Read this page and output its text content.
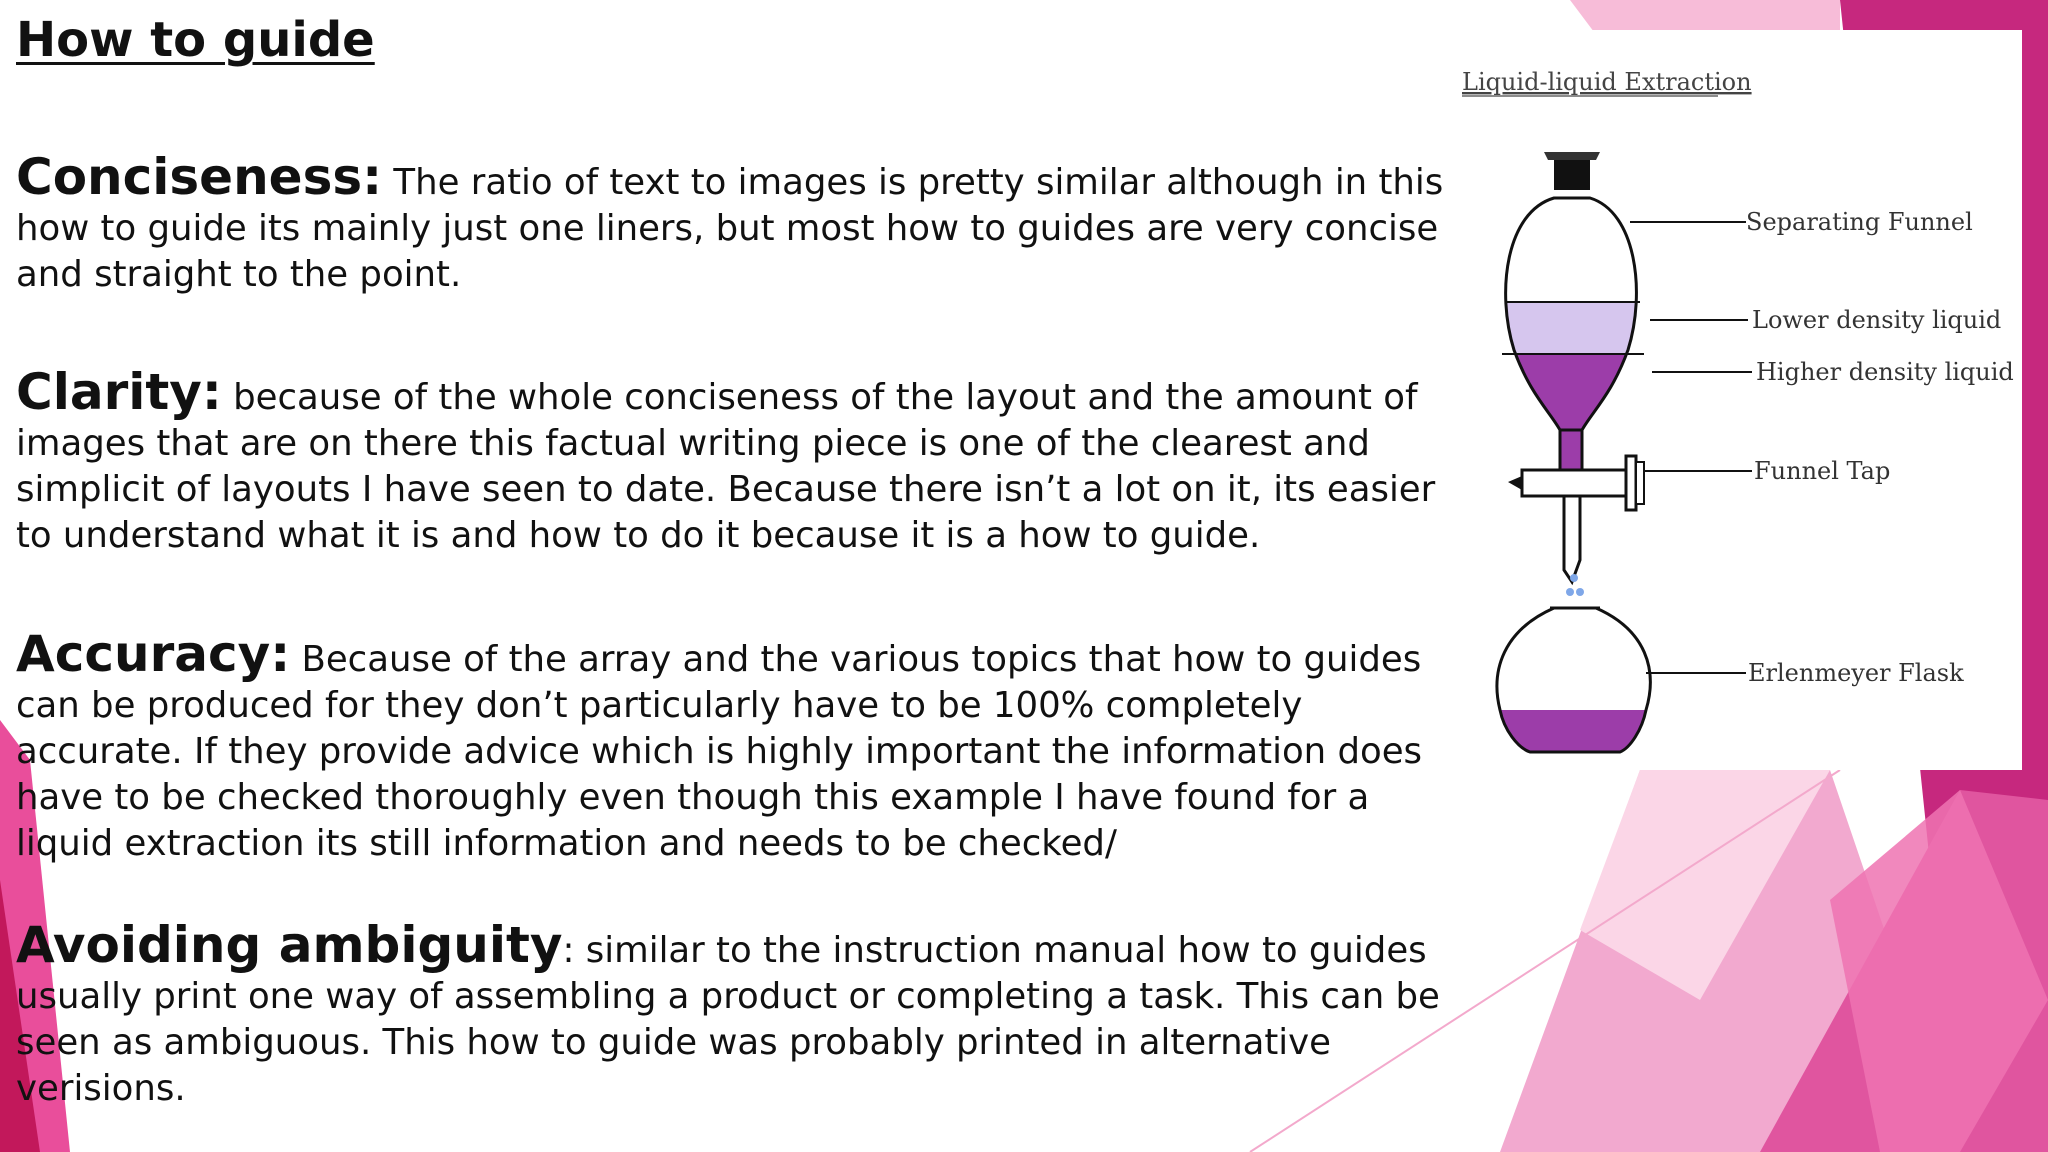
How to guide

Conciseness: The ratio of text to images is pretty similar although in this how to guide its mainly just one liners, but most how to guides are very concise and straight to the point.

Clarity: because of the whole conciseness of the layout and the amount of images that are on there this factual writing piece is one of the clearest and simplicit of layouts I have seen to date. Because there isn’t a lot on it, its easier to understand what it is and how to do it because it is a how to guide.

Accuracy: Because of the array and the various topics that how to guides can be produced for they don’t particularly have to be 100% completely accurate. If they provide advice which is highly important the information does have to be checked thoroughly even though this example I have found for a liquid extraction its still information and needs to be checked/

Avoiding ambiguity: similar to the instruction manual how to guides usually print one way of assembling a product or completing a task. This can be seen as ambiguous. This how to guide was probably printed in alternative verisions.

Liquid-liquid Extraction
Separating Funnel
Lower density liquid
Higher density liquid
Funnel Tap
Erlenmeyer Flask
